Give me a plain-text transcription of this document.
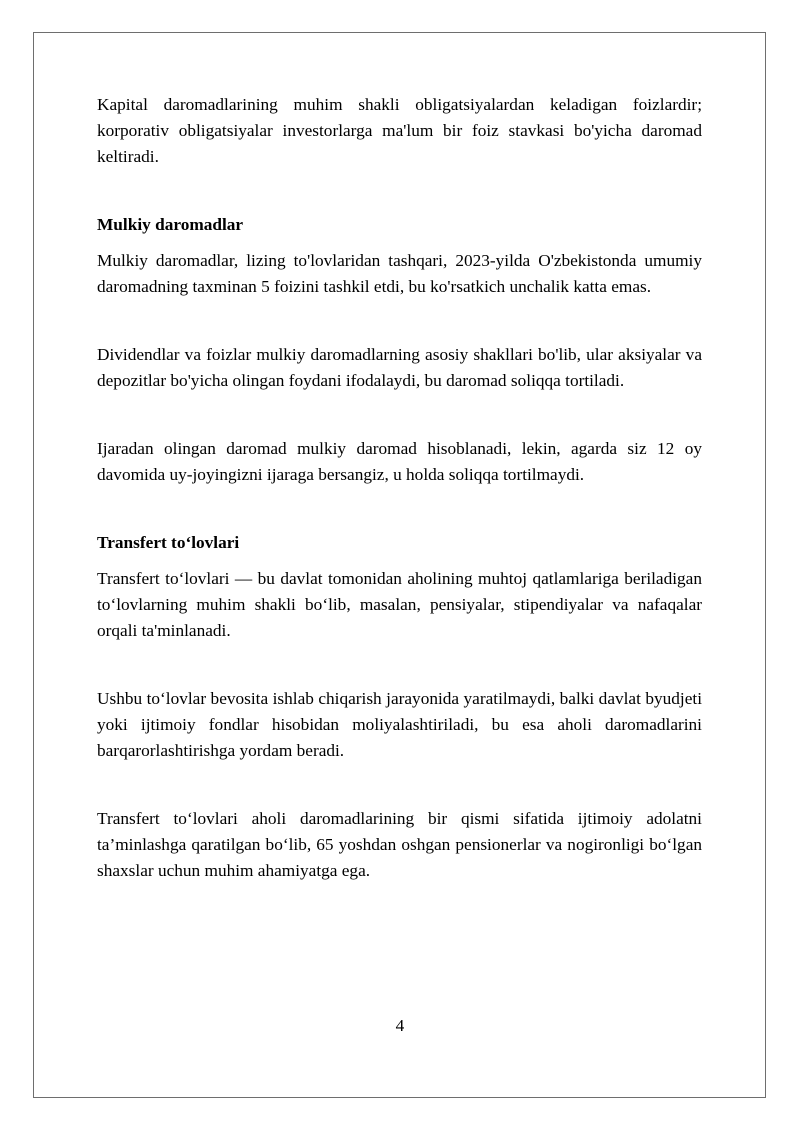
Kapital daromadlarining muhim shakli obligatsiyalardan keladigan foizlardir; korporativ obligatsiyalar investorlarga ma'lum bir foiz stavkasi bo'yicha daromad keltiradi.

Mulkiy daromadlar

Mulkiy daromadlar, lizing to'lovlaridan tashqari, 2023-yilda O'zbekistonda umumiy daromadning taxminan 5 foizini tashkil etdi, bu ko'rsatkich unchalik katta emas.

Dividendlar va foizlar mulkiy daromadlarning asosiy shakllari bo'lib, ular aksiyalar va depozitlar bo'yicha olingan foydani ifodalaydi, bu daromad soliqqa tortiladi.

Ijaradan olingan daromad mulkiy daromad hisoblanadi, lekin, agarda siz 12 oy davomida uy-joyingizni ijaraga bersangiz, u holda soliqqa tortilmaydi.

Transfert to‘lovlari

Transfert to‘lovlari — bu davlat tomonidan aholining muhtoj qatlamlariga beriladigan to‘lovlarning muhim shakli bo‘lib, masalan, pensiyalar, stipendiyalar va nafaqalar orqali ta'minlanadi.

Ushbu to‘lovlar bevosita ishlab chiqarish jarayonida yaratilmaydi, balki davlat byudjeti yoki ijtimoiy fondlar hisobidan moliyalashtiriladi, bu esa aholi daromadlarini barqarorlashtirishga yordam beradi.

Transfert to‘lovlari aholi daromadlarining bir qismi sifatida ijtimoiy adolatni ta’minlashga qaratilgan bo‘lib, 65 yoshdan oshgan pensionerlar va nogironligi bo‘lgan shaxslar uchun muhim ahamiyatga ega.

4
